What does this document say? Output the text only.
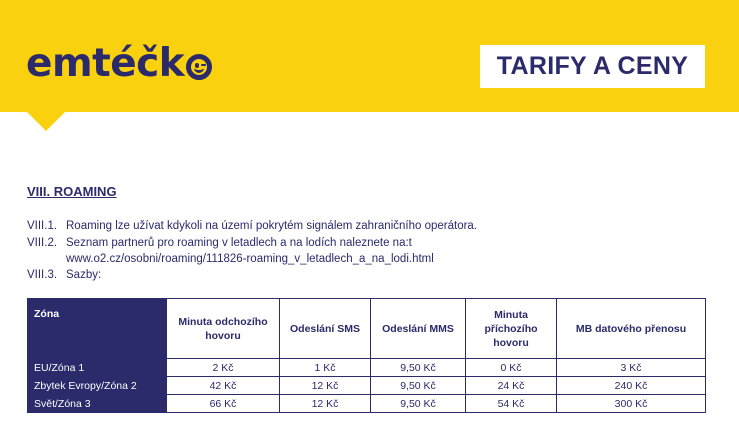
emtéčk	TARIFY A CENY
VIII. ROAMING
VIII.1. Roaming lze užívat kdykoli na území pokrytém signálem zahraničního operátora.
VIII.2. Seznam partnerů pro roaming v letadlech a na lodích naleznete na:t
www.o2.cz/osobni/roaming/111826-roaming_v_letadlech_a_na_lodi.html
VIII.3. Sazby:
Zóna	Minuta odchozího hovoru	Odeslání SMS	Odeslání MMS	Minuta příchozího hovoru	MB datového přenosu
EU/Zóna 1	2 Kč	1 Kč	9,50 Kč	0 Kč	3 Kč
Zbytek Evropy/Zóna 2	42 Kč	12 Kč	9,50 Kč	24 Kč	240 Kč
Svět/Zóna 3	66 Kč	12 Kč	9,50 Kč	54 Kč	300 Kč
